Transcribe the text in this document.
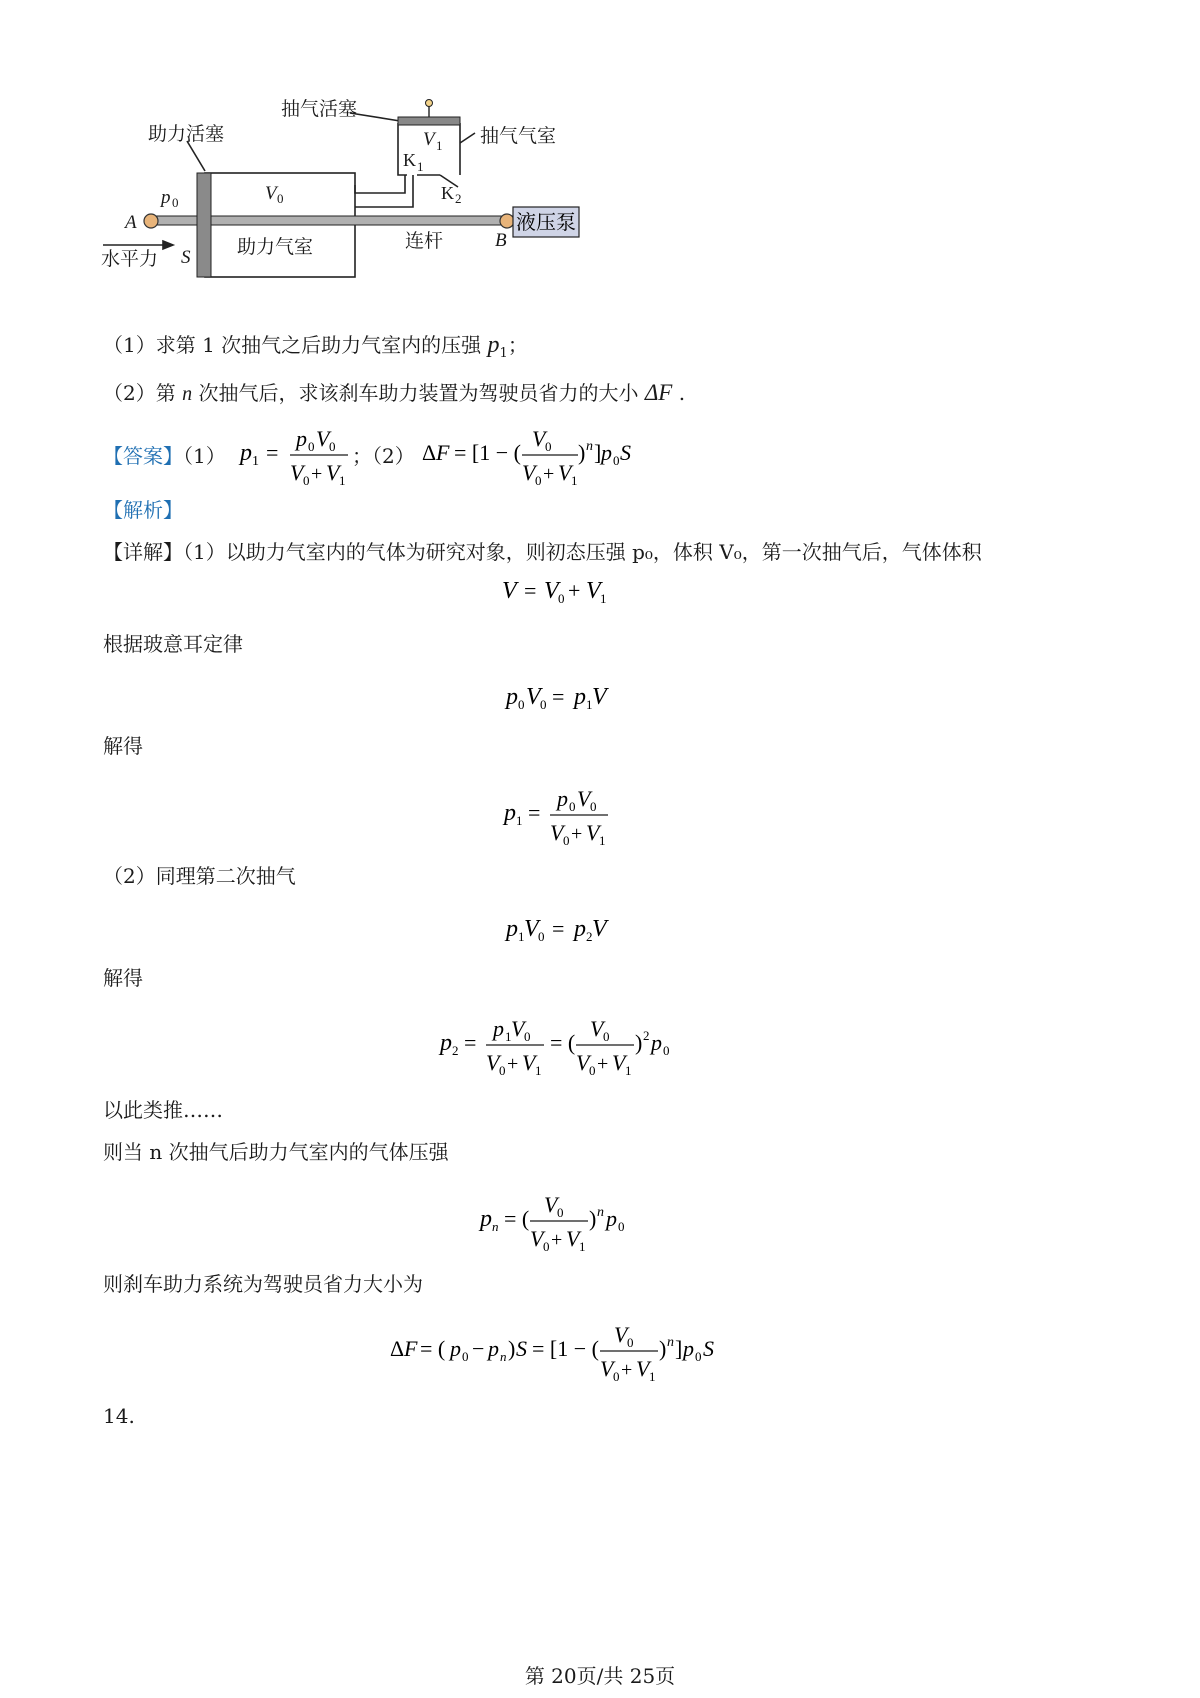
液压泵
抽气活塞
助力活塞	抽气气室
助力气室	连杆
水平力
A
B
S
p	V
V
0	0
1
1
2
K
K
（1）求第 1 次抽气之后助力气室内的压强 $p_1$；
（2）第 n 次抽气后，求该刹车助力装置为驾驶员省力的大小 ΔF .
【答案】（1） p 1 =
p 0 V 0
V 0 + V 1
；（2） Δ F = [1 − (
V 0
V 0 + V 1
) n ] p 0 S
【解析】
【详解】（1）以助力气室内的气体为研究对象，则初态压强 p₀，体积 V₀，第一次抽气后，气体体积
V = V 0 + V 1
根据玻意耳定律
p 0 V 0 = p 1 V
解得
p 1 =
p 0 V 0
V 0 + V 1
（2）同理第二次抽气
p 1 V 0 = p 2 V
解得
p 2 =
p 1 V 0
V 0 + V 1
= (
V 0
V 0 + V 1
) 2 p 0
以此类推……
则当 n 次抽气后助力气室内的气体压强
p n = (
V 0
V 0 + V 1
) n p 0
则刹车助力系统为驾驶员省力大小为
Δ F = ( p 0 − p n ) S = [1 − (
V 0
V 0 + V 1
) n ] p 0 S
14.
第 20页/共 25页
